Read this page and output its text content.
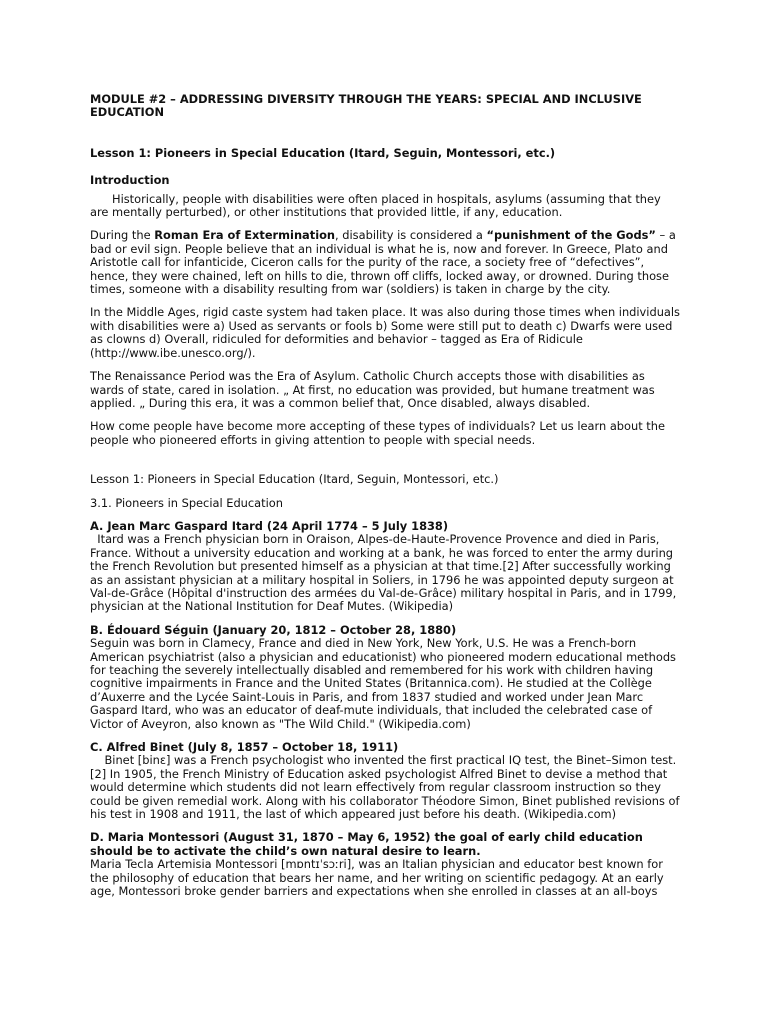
MODULE #2 – ADDRESSING DIVERSITY THROUGH THE YEARS: SPECIAL AND INCLUSIVE EDUCATION

Lesson 1: Pioneers in Special Education (Itard, Seguin, Montessori, etc.)

Introduction

Historically, people with disabilities were often placed in hospitals, asylums (assuming that they are mentally perturbed), or other institutions that provided little, if any, education.

During the Roman Era of Extermination, disability is considered a “punishment of the Gods” – a bad or evil sign. People believe that an individual is what he is, now and forever. In Greece, Plato and Aristotle call for infanticide, Ciceron calls for the purity of the race, a society free of “defectives”, hence, they were chained, left on hills to die, thrown off cliffs, locked away, or drowned. During those times, someone with a disability resulting from war (soldiers) is taken in charge by the city.

In the Middle Ages, rigid caste system had taken place. It was also during those times when individuals with disabilities were a) Used as servants or fools b) Some were still put to death c) Dwarfs were used as clowns d) Overall, ridiculed for deformities and behavior – tagged as Era of Ridicule (http://www.ibe.unesco.org/).

The Renaissance Period was the Era of Asylum. Catholic Church accepts those with disabilities as wards of state, cared in isolation. „ At first, no education was provided, but humane treatment was applied. „ During this era, it was a common belief that, Once disabled, always disabled.

How come people have become more accepting of these types of individuals? Let us learn about the people who pioneered efforts in giving attention to people with special needs.

Lesson 1: Pioneers in Special Education (Itard, Seguin, Montessori, etc.)

3.1. Pioneers in Special Education

A. Jean Marc Gaspard Itard (24 April 1774 – 5 July 1838)

Itard was a French physician born in Oraison, Alpes-de-Haute-Provence Provence and died in Paris, France. Without a university education and working at a bank, he was forced to enter the army during the French Revolution but presented himself as a physician at that time.[2] After successfully working as an assistant physician at a military hospital in Soliers, in 1796 he was appointed deputy surgeon at Val-de-Grâce (Hôpital d'instruction des armées du Val-de-Grâce) military hospital in Paris, and in 1799, physician at the National Institution for Deaf Mutes. (Wikipedia)

B. Édouard Séguin (January 20, 1812 – October 28, 1880)

Seguin was born in Clamecy, France and died in New York, New York, U.S. He was a French-born American psychiatrist (also a physician and educationist) who pioneered modern educational methods for teaching the severely intellectually disabled and remembered for his work with children having cognitive impairments in France and the United States (Britannica.com). He studied at the Collège d’Auxerre and the Lycée Saint-Louis in Paris, and from 1837 studied and worked under Jean Marc Gaspard Itard, who was an educator of deaf-mute individuals, that included the celebrated case of Victor of Aveyron, also known as "The Wild Child." (Wikipedia.com)

C. Alfred Binet (July 8, 1857 – October 18, 1911)

Binet [binɛ] was a French psychologist who invented the first practical IQ test, the Binet–Simon test.[2] In 1905, the French Ministry of Education asked psychologist Alfred Binet to devise a method that would determine which students did not learn effectively from regular classroom instruction so they could be given remedial work. Along with his collaborator Théodore Simon, Binet published revisions of his test in 1908 and 1911, the last of which appeared just before his death. (Wikipedia.com)

D. Maria Montessori (August 31, 1870 – May 6, 1952) the goal of early child education should be to activate the child’s own natural desire to learn.

Maria Tecla Artemisia Montessori [mɒntɪˈsɔːri], was an Italian physician and educator best known for the philosophy of education that bears her name, and her writing on scientific pedagogy. At an early age, Montessori broke gender barriers and expectations when she enrolled in classes at an all-boys
